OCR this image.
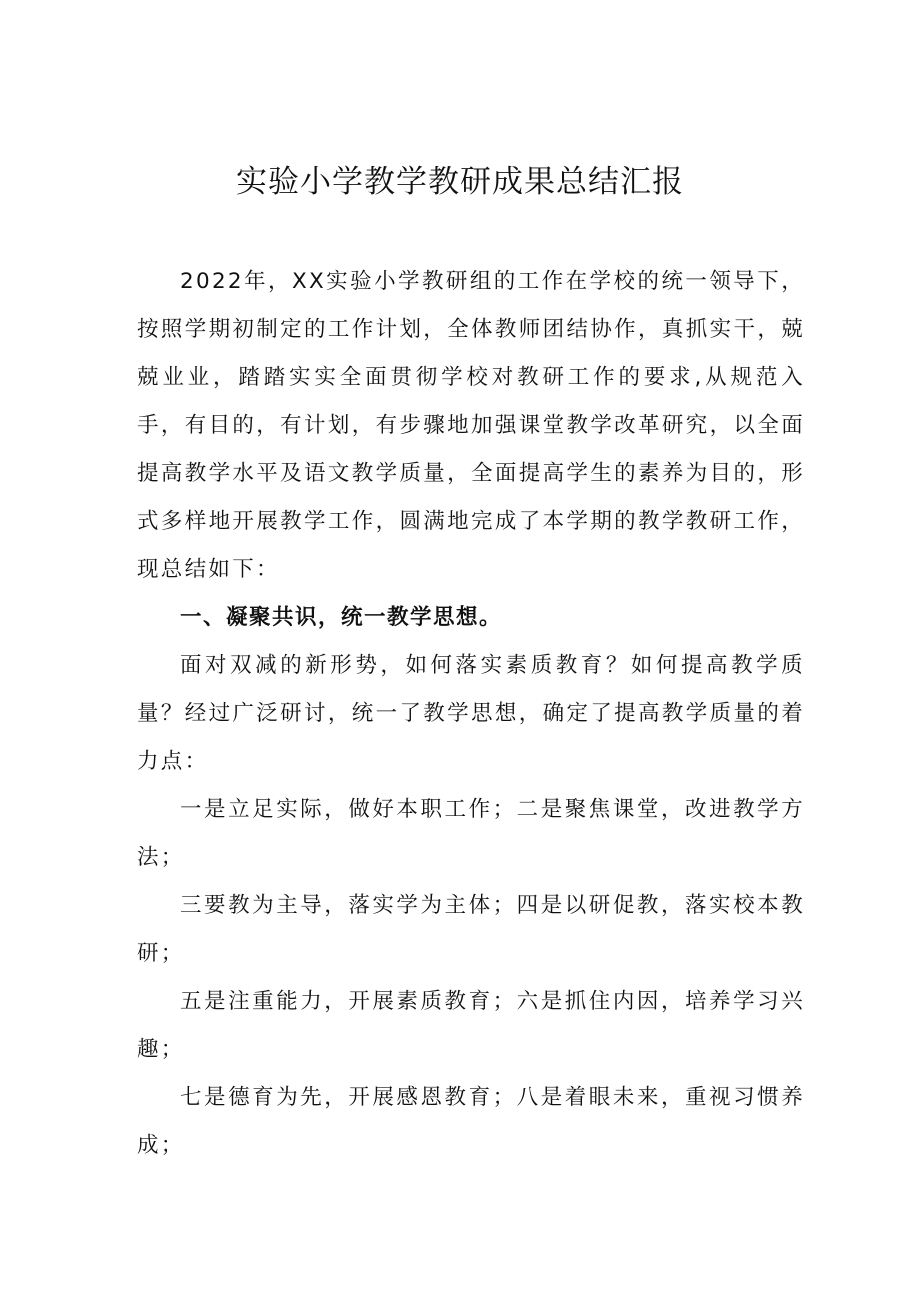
实验小学教学教研成果总结汇报

2022年，XX实验小学教研组的工作在学校的统一领导下，按照学期初制定的工作计划，全体教师团结协作，真抓实干，兢兢业业，踏踏实实全面贯彻学校对教研工作的要求,从规范入手，有目的，有计划，有步骤地加强课堂教学改革研究，以全面提高教学水平及语文教学质量，全面提高学生的素养为目的，形式多样地开展教学工作，圆满地完成了本学期的教学教研工作，现总结如下：

一、凝聚共识，统一教学思想。

面对双减的新形势，如何落实素质教育？如何提高教学质量？经过广泛研讨，统一了教学思想，确定了提高教学质量的着力点：

一是立足实际，做好本职工作；二是聚焦课堂，改进教学方法；

三要教为主导，落实学为主体；四是以研促教，落实校本教研；

五是注重能力，开展素质教育；六是抓住内因，培养学习兴趣；

七是德育为先，开展感恩教育；八是着眼未来，重视习惯养成；
